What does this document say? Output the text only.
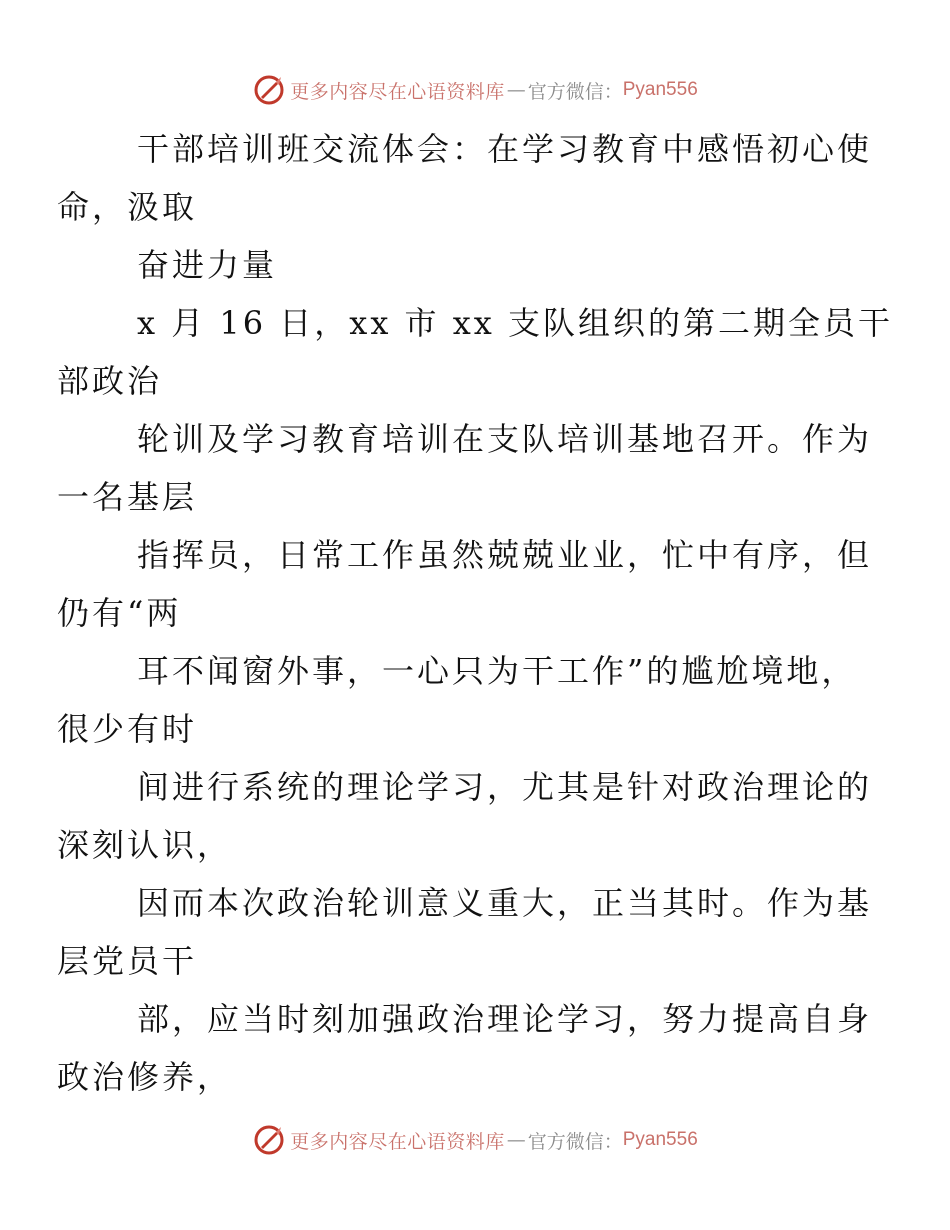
更多内容尽在心语资料库 — 官方微信： Pyan556

干部培训班交流体会：在学习教育中感悟初心使
命，汲取

奋进力量

x 月 16 日，xx 市 xx 支队组织的第二期全员干
部政治

轮训及学习教育培训在支队培训基地召开。作为
一名基层

指挥员，日常工作虽然兢兢业业，忙中有序，但
仍有“两

耳不闻窗外事，一心只为干工作”的尴尬境地，
很少有时

间进行系统的理论学习，尤其是针对政治理论的
深刻认识，

因而本次政治轮训意义重大，正当其时。作为基
层党员干

部，应当时刻加强政治理论学习，努力提高自身
政治修养，

更多内容尽在心语资料库 — 官方微信： Pyan556
